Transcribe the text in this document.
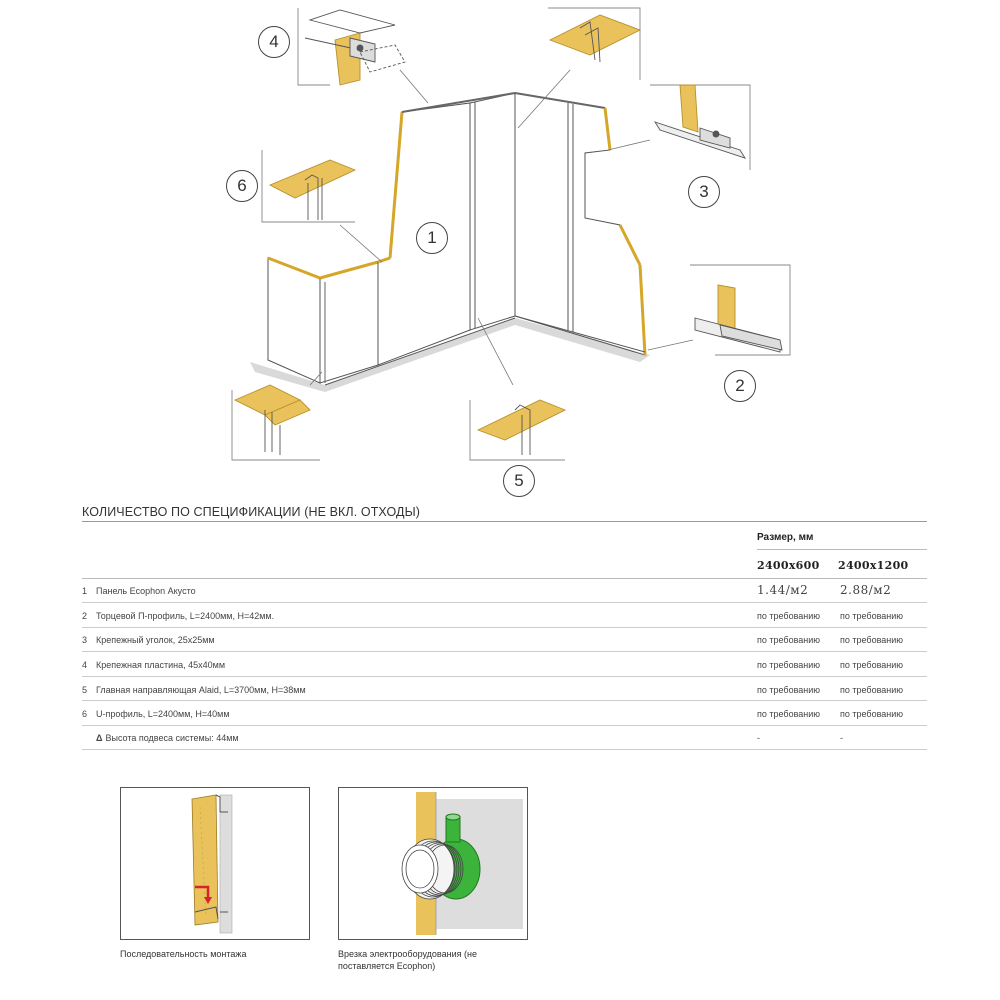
4
6
1
3
2
5
КОЛИЧЕСТВО ПО СПЕЦИФИКАЦИИ (НЕ ВКЛ. ОТХОДЫ)
Размер, мм
2400x600 2400x1200
1 Панель Ecophon Акусто	1.44/м2	2.88/м2
2 Торцевой П-профиль, L=2400мм, H=42мм.	по требованию по требованию
3 Крепежный уголок, 25x25мм	по требованию по требованию
4 Крепежная пластина, 45x40мм	по требованию по требованию
5 Главная направляющая Alaid, L=3700мм, H=38мм	по требованию по требованию
6 U-профиль, L=2400мм, H=40мм	по требованию по требованию
Δ Высота подвеса системы: 44мм	-	-
Последовательность монтажа	Врезка электрооборудования (не поставляется Ecophon)
